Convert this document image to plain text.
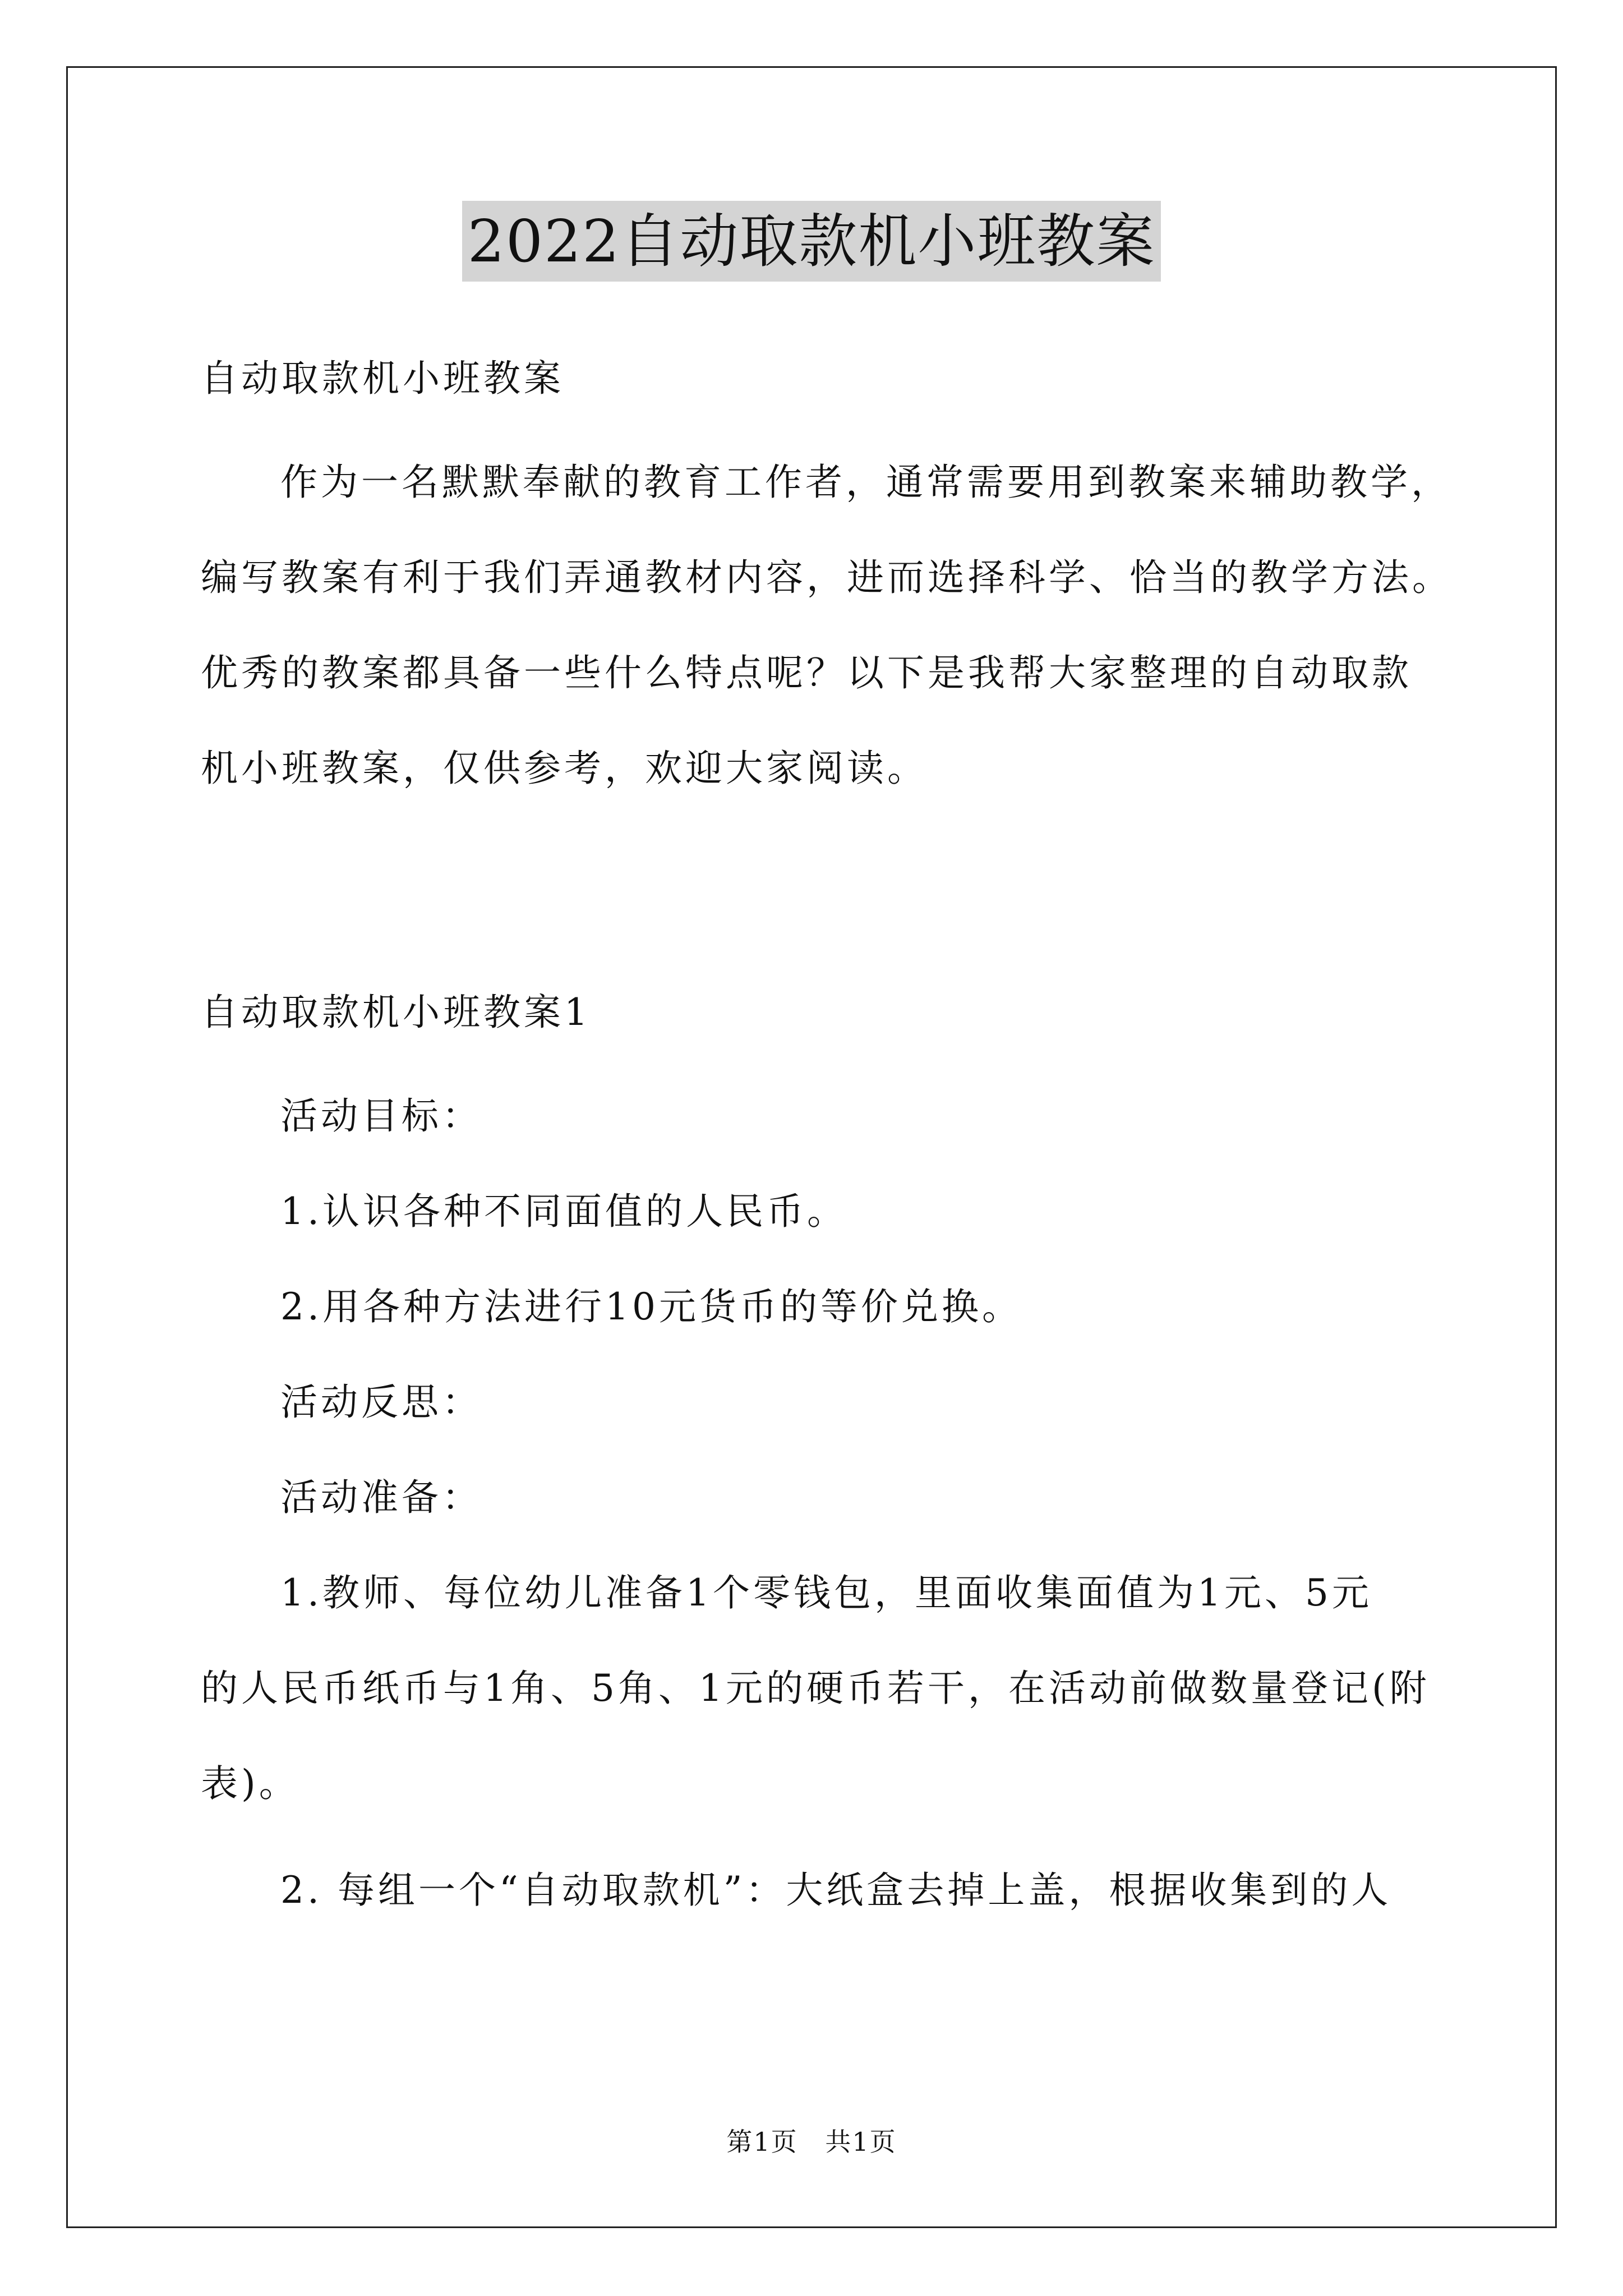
2022自动取款机小班教案
自动取款机小班教案
作为一名默默奉献的教育工作者，通常需要用到教案来辅助教学，
编写教案有利于我们弄通教材内容，进而选择科学、恰当的教学方法。
优秀的教案都具备一些什么特点呢？以下是我帮大家整理的自动取款
机小班教案，仅供参考，欢迎大家阅读。
自动取款机小班教案1
活动目标：
1.认识各种不同面值的人民币。
2.用各种方法进行10元货币的等价兑换。
活动反思：
活动准备：
1.教师、每位幼儿准备1个零钱包，里面收集面值为1元、5元
的人民币纸币与1角、5角、1元的硬币若干，在活动前做数量登记(附
表)。
2. 每组一个“自动取款机”：大纸盒去掉上盖，根据收集到的人
第1页 共1页
